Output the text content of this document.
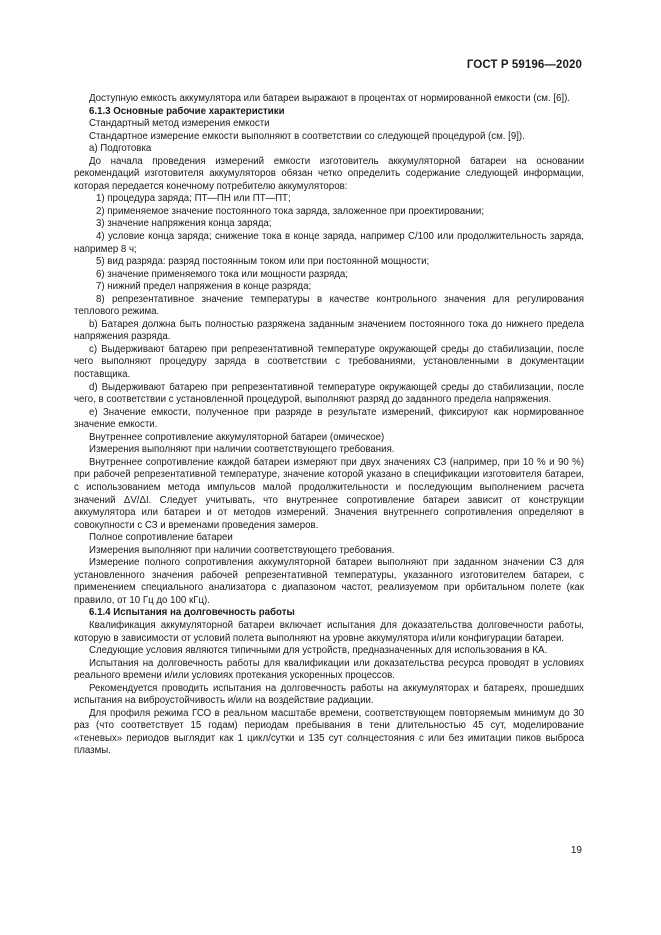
ГОСТ Р 59196—2020

Доступную емкость аккумулятора или батареи выражают в процентах от нормированной емкости (см. [6]).

6.1.3 Основные рабочие характеристики

Стандартный метод измерения емкости

Стандартное измерение емкости выполняют в соответствии со следующей процедурой (см. [9]).

а) Подготовка

До начала проведения измерений емкости изготовитель аккумуляторной батареи на основании рекомендаций изготовителя аккумуляторов обязан четко определить содержание следующей информации, которая передается конечному потребителю аккумуляторов:

1) процедура заряда; ПТ—ПН или ПТ—ПТ;

2) применяемое значение постоянного тока заряда, заложенное при проектировании;

3) значение напряжения конца заряда;

4) условие конца заряда; снижение тока в конце заряда, например С/100 или продолжительность заряда, например 8 ч;

5) вид разряда: разряд постоянным током или при постоянной мощности;

6) значение применяемого тока или мощности разряда;

7) нижний предел напряжения в конце разряда;

8) репрезентативное значение температуры в качестве контрольного значения для регулирования теплового режима.

b) Батарея должна быть полностью разряжена заданным значением постоянного тока до нижнего предела напряжения разряда.

с) Выдерживают батарею при репрезентативной температуре окружающей среды до стабилизации, после чего выполняют процедуру заряда в соответствии с требованиями, установленными в документации поставщика.

d) Выдерживают батарею при репрезентативной температуре окружающей среды до стабилизации, после чего, в соответствии с установленной процедурой, выполняют разряд до заданного предела напряжения.

е) Значение емкости, полученное при разряде в результате измерений, фиксируют как нормированное значение емкости.

Внутреннее сопротивление аккумуляторной батареи (омическое)

Измерения выполняют при наличии соответствующего требования.

Внутреннее сопротивление каждой батареи измеряют при двух значениях СЗ (например, при 10 % и 90 %) при рабочей репрезентативной температуре, значение которой указано в спецификации изготовителя батареи, с использованием метода импульсов малой продолжительности и последующим выполнением расчета значений ΔV/ΔI. Следует учитывать, что внутреннее сопротивление батареи зависит от конструкции аккумулятора или батареи и от методов измерений. Значения внутреннего сопротивления определяют в совокупности с СЗ и временами проведения замеров.

Полное сопротивление батареи

Измерения выполняют при наличии соответствующего требования.

Измерение полного сопротивления аккумуляторной батареи выполняют при заданном значении СЗ для установленного значения рабочей репрезентативной температуры, указанного изготовителем батареи, с применением специального анализатора с диапазоном частот, реализуемом при орбитальном полете (как правило, от 10 Гц до 100 кГц).

6.1.4 Испытания на долговечность работы

Квалификация аккумуляторной батареи включает испытания для доказательства долговечности работы, которую в зависимости от условий полета выполняют на уровне аккумулятора и/или конфигурации батареи.

Следующие условия являются типичными для устройств, предназначенных для использования в КА.

Испытания на долговечность работы для квалификации или доказательства ресурса проводят в условиях реального времени и/или условиях протекания ускоренных процессов.

Рекомендуется проводить испытания на долговечность работы на аккумуляторах и батареях, прошедших испытания на виброустойчивость и/или на воздействие радиации.

Для профиля режима ГСО в реальном масштабе времени, соответствующем повторяемым минимум до 30 раз (что соответствует 15 годам) периодам пребывания в тени длительностью 45 сут, моделирование «теневых» периодов выглядит как 1 цикл/сутки и 135 сут солнцестояния с или без имитации пиков выброса плазмы.

19
